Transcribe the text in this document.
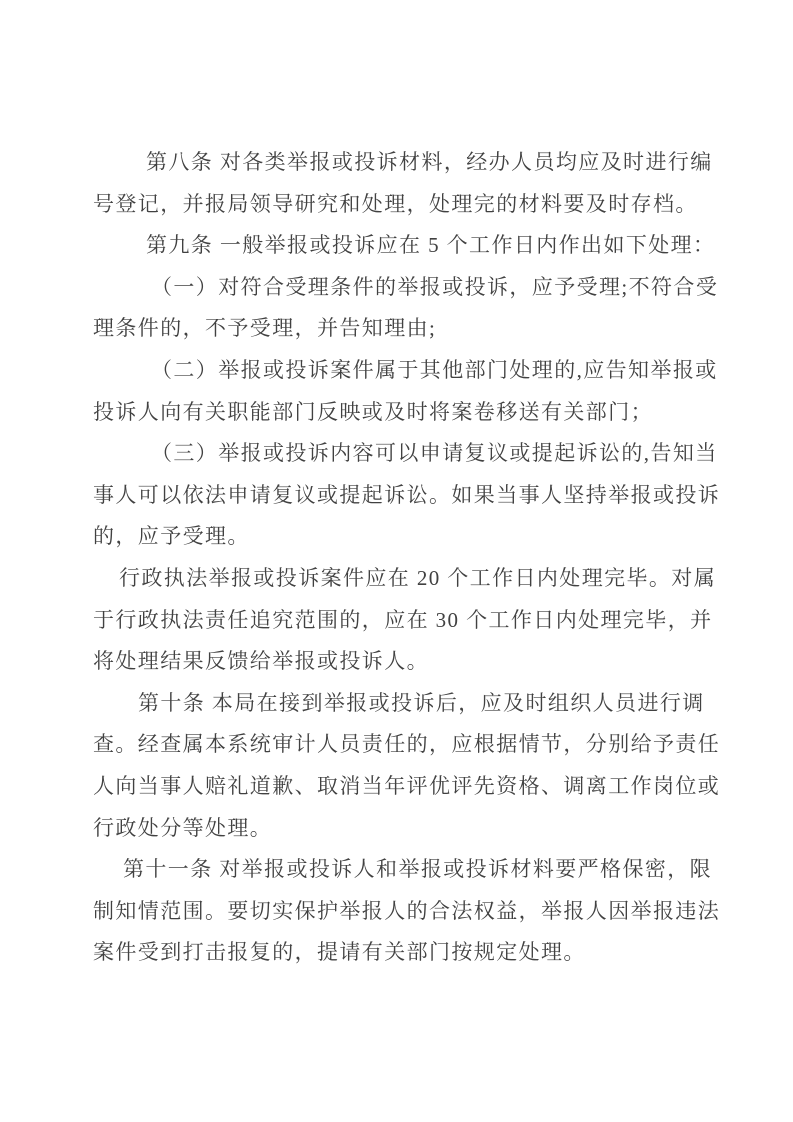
第八条 对各类举报或投诉材料，经办人员均应及时进行编
号登记，并报局领导研究和处理，处理完的材料要及时存档。
第九条 一般举报或投诉应在 5 个工作日内作出如下处理：
（一）对符合受理条件的举报或投诉，应予受理;不符合受
理条件的，不予受理，并告知理由;
（二）举报或投诉案件属于其他部门处理的,应告知举报或
投诉人向有关职能部门反映或及时将案卷移送有关部门；
（三）举报或投诉内容可以申请复议或提起诉讼的,告知当
事人可以依法申请复议或提起诉讼。如果当事人坚持举报或投诉
的，应予受理。
行政执法举报或投诉案件应在 20 个工作日内处理完毕。对属
于行政执法责任追究范围的，应在 30 个工作日内处理完毕，并
将处理结果反馈给举报或投诉人。
第十条 本局在接到举报或投诉后，应及时组织人员进行调
查。经查属本系统审计人员责任的，应根据情节，分别给予责任
人向当事人赔礼道歉、取消当年评优评先资格、调离工作岗位或
行政处分等处理。
第十一条 对举报或投诉人和举报或投诉材料要严格保密，限
制知情范围。要切实保护举报人的合法权益，举报人因举报违法
案件受到打击报复的，提请有关部门按规定处理。
